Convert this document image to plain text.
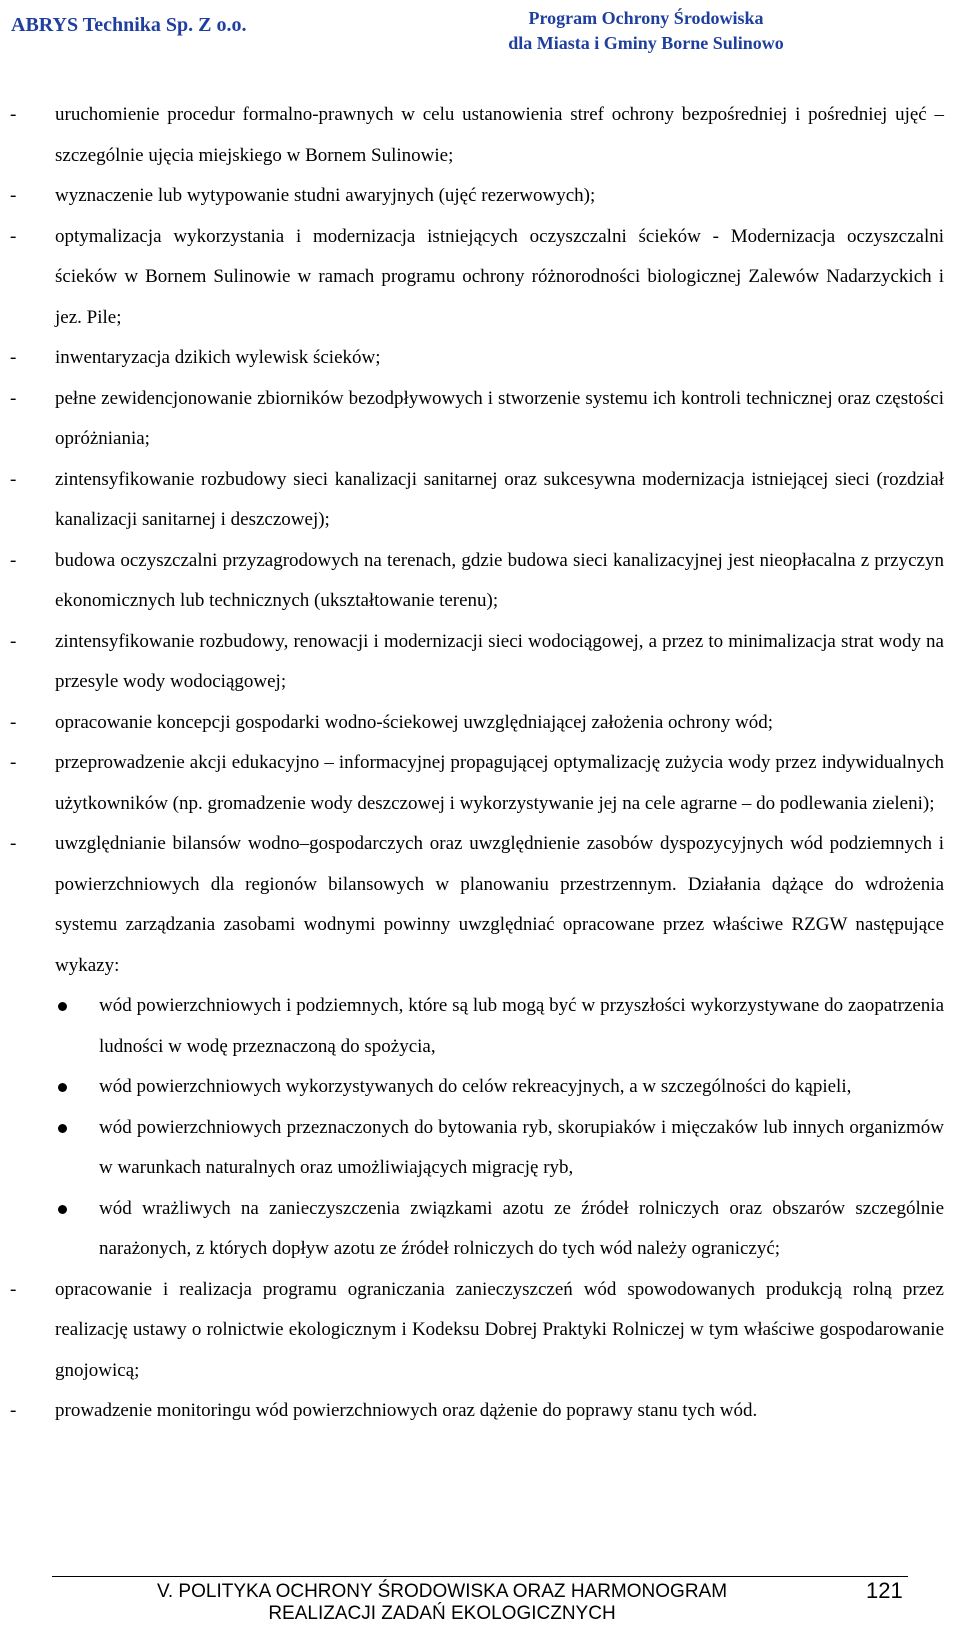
ABRYS Technika Sp. Z o.o.	Program Ochrony Środowiska
dla Miasta i Gminy Borne Sulinowo
- uruchomienie procedur formalno-prawnych w celu ustanowienia stref ochrony bezpośredniej i pośredniej ujęć – szczególnie ujęcia miejskiego w Bornem Sulinowie;

- wyznaczenie lub wytypowanie studni awaryjnych (ujęć rezerwowych);

- optymalizacja wykorzystania i modernizacja istniejących oczyszczalni ścieków - Modernizacja oczyszczalni ścieków w Bornem Sulinowie w ramach programu ochrony różnorodności biologicznej Zalewów Nadarzyckich i jez. Pile;

- inwentaryzacja dzikich wylewisk ścieków;

- pełne zewidencjonowanie zbiorników bezodpływowych i stworzenie systemu ich kontroli technicznej oraz częstości opróżniania;

- zintensyfikowanie rozbudowy sieci kanalizacji sanitarnej oraz sukcesywna modernizacja istniejącej sieci (rozdział kanalizacji sanitarnej i deszczowej);

- budowa oczyszczalni przyzagrodowych na terenach, gdzie budowa sieci kanalizacyjnej jest nieopłacalna z przyczyn ekonomicznych lub technicznych (ukształtowanie terenu);

- zintensyfikowanie rozbudowy, renowacji i modernizacji sieci wodociągowej, a przez to minimalizacja strat wody na przesyle wody wodociągowej;

- opracowanie koncepcji gospodarki wodno-ściekowej uwzględniającej założenia ochrony wód;

- przeprowadzenie akcji edukacyjno – informacyjnej propagującej optymalizację zużycia wody przez indywidualnych użytkowników (np. gromadzenie wody deszczowej i wykorzystywanie jej na cele agrarne – do podlewania zieleni);

- uwzględnianie bilansów wodno–gospodarczych oraz uwzględnienie zasobów dyspozycyjnych wód podziemnych i powierzchniowych dla regionów bilansowych w planowaniu przestrzennym. Działania dążące do wdrożenia systemu zarządzania zasobami wodnymi powinny uwzględniać opracowane przez właściwe RZGW następujące wykazy:

wód powierzchniowych i podziemnych, które są lub mogą być w przyszłości wykorzystywane do zaopatrzenia ludności w wodę przeznaczoną do spożycia,

wód powierzchniowych wykorzystywanych do celów rekreacyjnych, a w szczególności do kąpieli,

wód powierzchniowych przeznaczonych do bytowania ryb, skorupiaków i mięczaków lub innych organizmów w warunkach naturalnych oraz umożliwiających migrację ryb,

wód wrażliwych na zanieczyszczenia związkami azotu ze źródeł rolniczych oraz obszarów szczególnie narażonych, z których dopływ azotu ze źródeł rolniczych do tych wód należy ograniczyć;

- opracowanie i realizacja programu ograniczania zanieczyszczeń wód spowodowanych produkcją rolną przez realizację ustawy o rolnictwie ekologicznym i Kodeksu Dobrej Praktyki Rolniczej w tym właściwe gospodarowanie gnojowicą;

- prowadzenie monitoringu wód powierzchniowych oraz dążenie do poprawy stanu tych wód.

V. POLITYKA OCHRONY ŚRODOWISKA ORAZ HARMONOGRAM
REALIZACJI ZADAŃ EKOLOGICZNYCH
121
